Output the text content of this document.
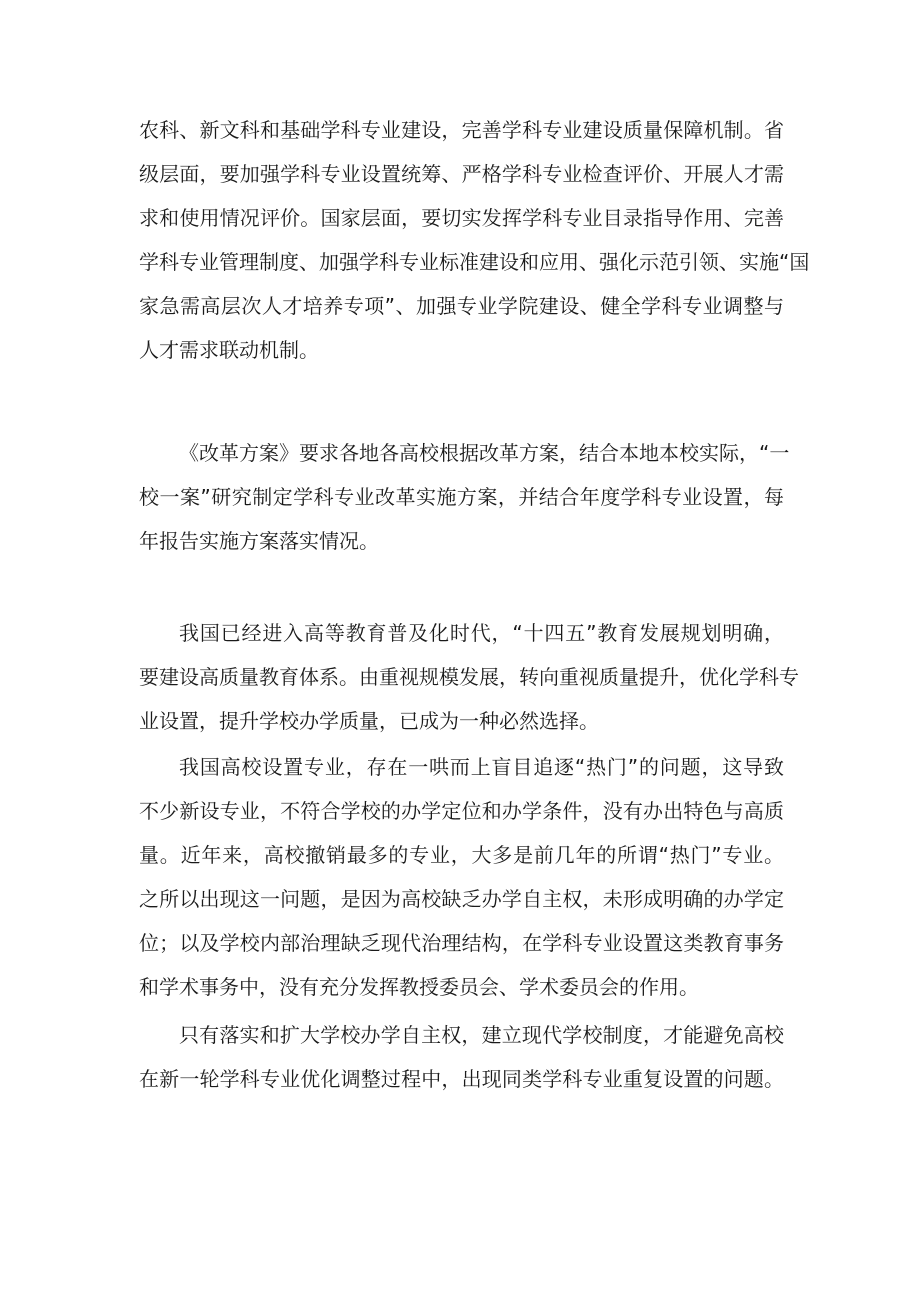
农科、新文科和基础学科专业建设，完善学科专业建设质量保障机制。省
级层面，要加强学科专业设置统筹、严格学科专业检查评价、开展人才需
求和使用情况评价。国家层面，要切实发挥学科专业目录指导作用、完善
学科专业管理制度、加强学科专业标准建设和应用、强化示范引领、实施“国
家急需高层次人才培养专项”、加强专业学院建设、健全学科专业调整与
人才需求联动机制。
《改革方案》要求各地各高校根据改革方案，结合本地本校实际，“一
校一案”研究制定学科专业改革实施方案，并结合年度学科专业设置，每
年报告实施方案落实情况。
我国已经进入高等教育普及化时代，“十四五”教育发展规划明确，
要建设高质量教育体系。由重视规模发展，转向重视质量提升，优化学科专
业设置，提升学校办学质量，已成为一种必然选择。
我国高校设置专业，存在一哄而上盲目追逐“热门”的问题，这导致
不少新设专业，不符合学校的办学定位和办学条件，没有办出特色与高质
量。近年来，高校撤销最多的专业，大多是前几年的所谓“热门”专业。
之所以出现这一问题，是因为高校缺乏办学自主权，未形成明确的办学定
位；以及学校内部治理缺乏现代治理结构，在学科专业设置这类教育事务
和学术事务中，没有充分发挥教授委员会、学术委员会的作用。
只有落实和扩大学校办学自主权，建立现代学校制度，才能避免高校
在新一轮学科专业优化调整过程中，出现同类学科专业重复设置的问题。
